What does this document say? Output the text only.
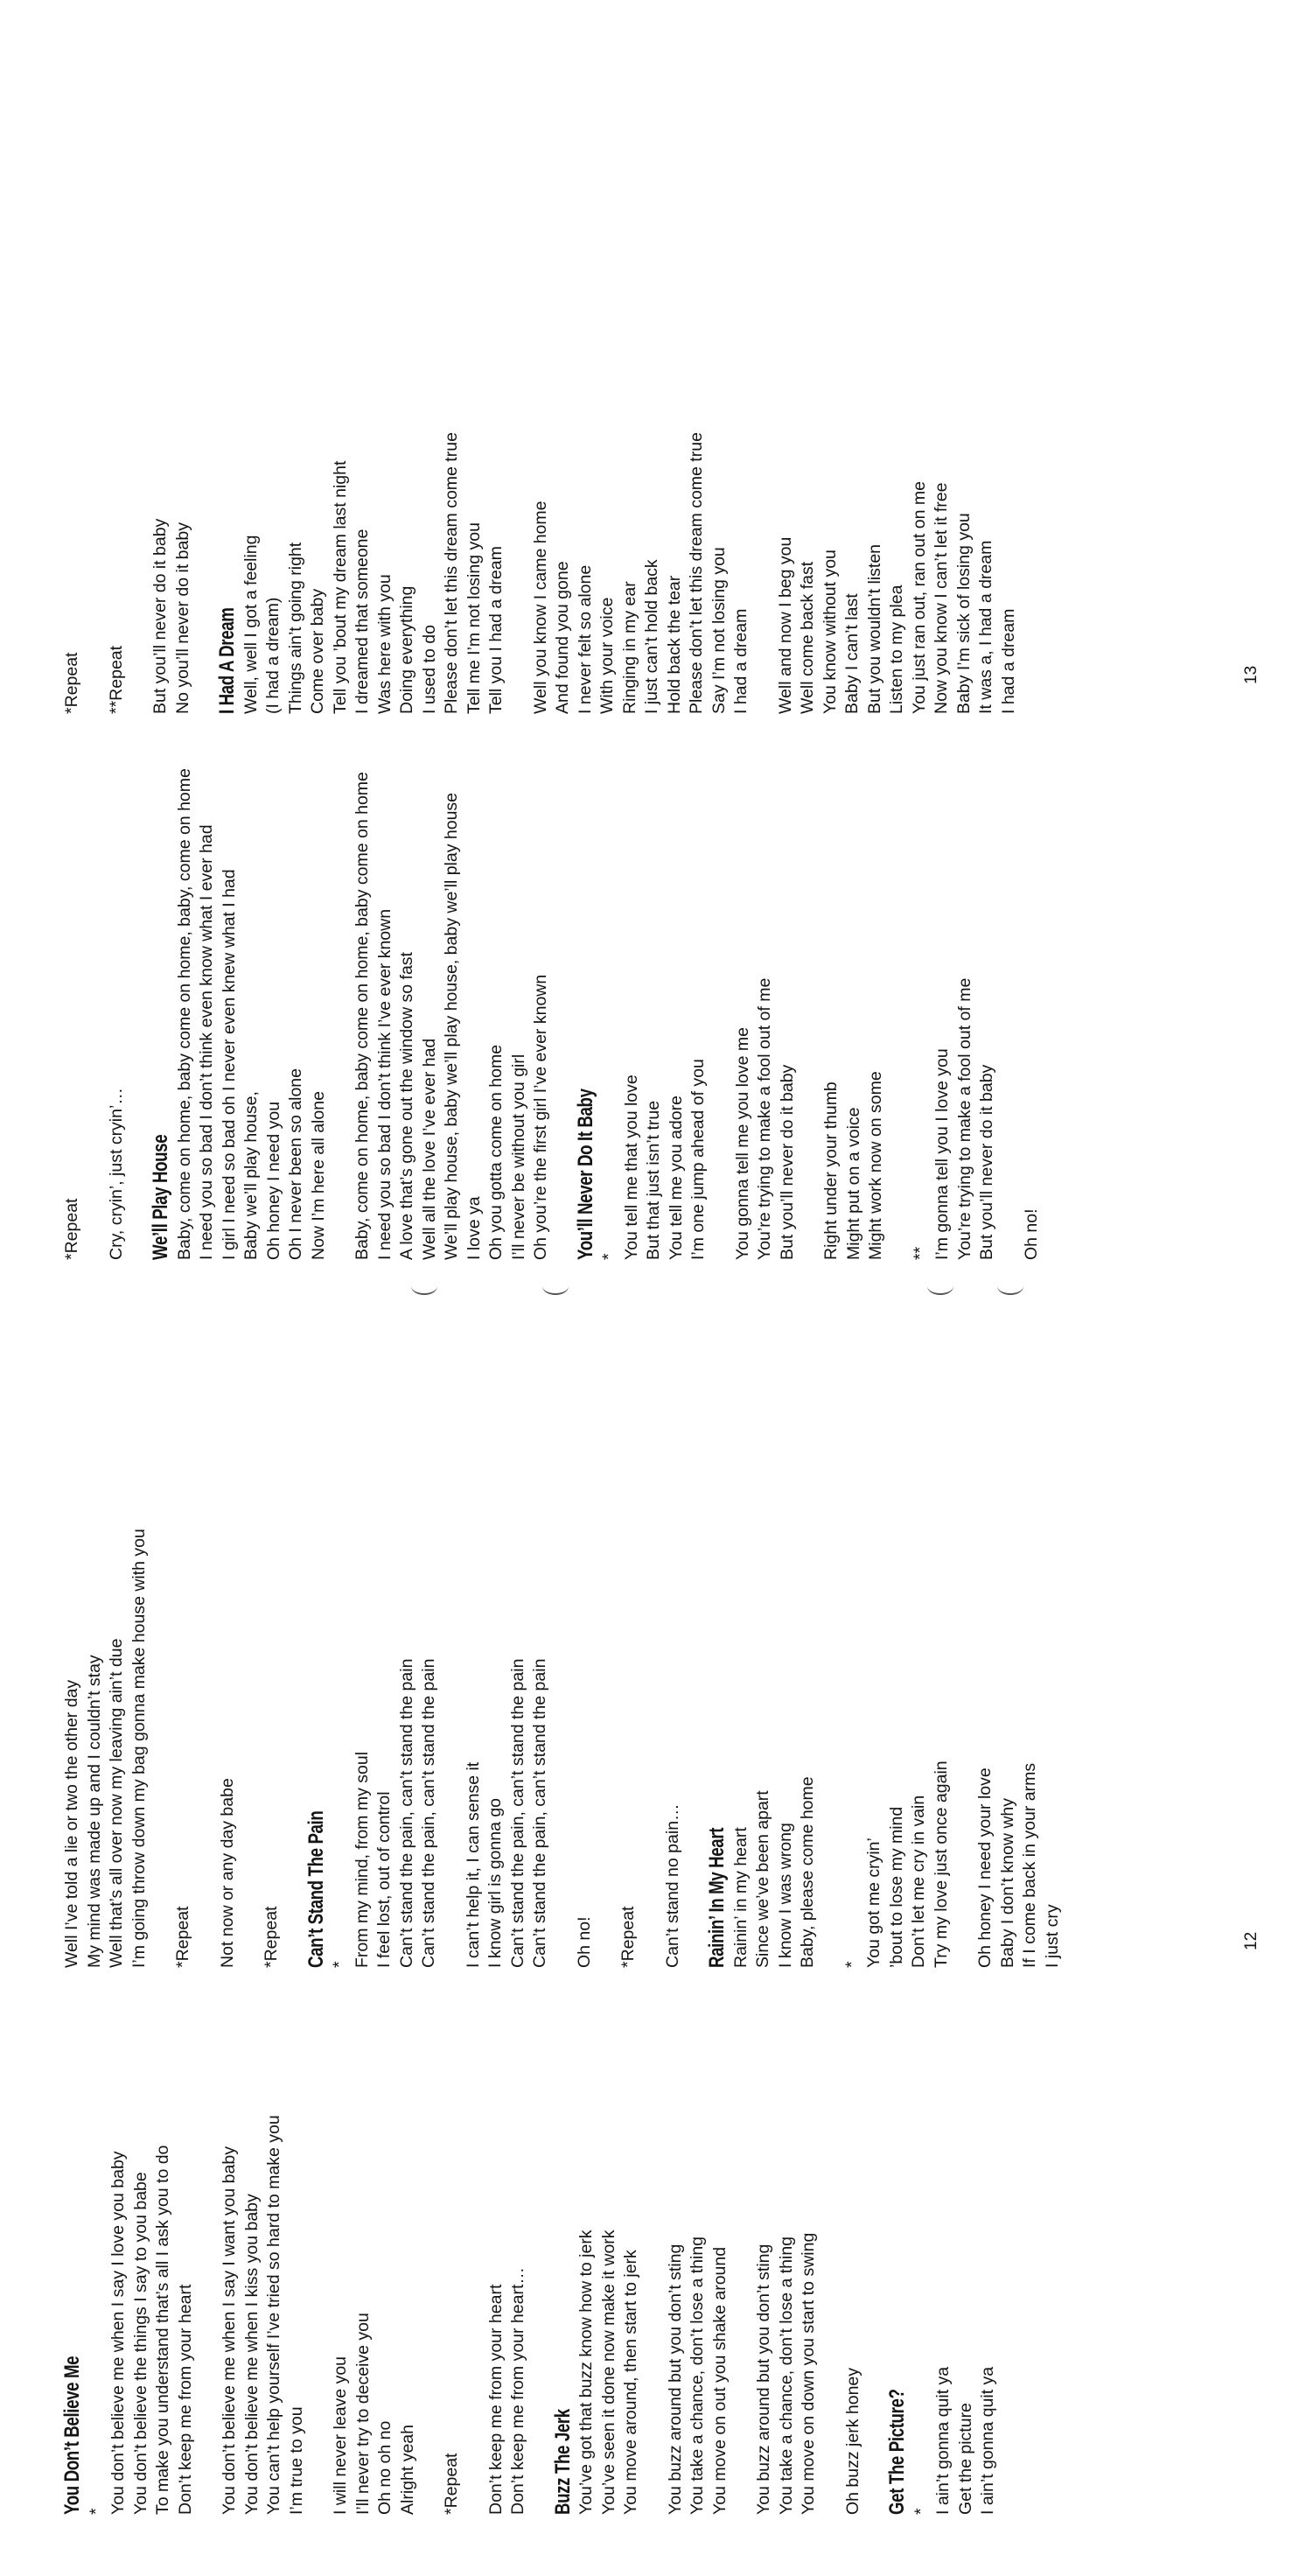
You Don’t Believe Me * You don’t believe me when I say I love you baby You don’t believe the things I say to you babe To make you understand that’s all I ask you to do Don’t keep me from your heart You don’t believe me when I say I want you baby You don’t believe me when I kiss you baby You can’t help yourself I’ve tried so hard to make you I’m true to you I will never leave you I’ll never try to deceive you Oh no oh no Alright yeah *Repeat Don’t keep me from your heart Don’t keep me from your heart… Buzz The Jerk You’ve got that buzz know how to jerk You’ve seen it done now make it work You move around, then start to jerk You buzz around but you don’t sting You take a chance, don’t lose a thing You move on out you shake around You buzz around but you don’t sting You take a chance, don’t lose a thing You move on down you start to swing Oh buzz jerk honey Get The Picture? * I ain’t gonna quit ya Get the picture I ain’t gonna quit ya
Well I’ve told a lie or two the other day My mind was made up and I couldn’t stay Well that’s all over now my leaving ain’t due I’m going throw down my bag gonna make house with you *Repeat Not now or any day babe *Repeat Can’t Stand The Pain * From my mind, from my soul I feel lost, out of control Can’t stand the pain, can’t stand the pain Can’t stand the pain, can’t stand the pain I can’t help it, I can sense it I know girl is gonna go Can’t stand the pain, can’t stand the pain Can’t stand the pain, can’t stand the pain Oh no! *Repeat Can’t stand no pain… Rainin’ In My Heart Rainin’ in my heart Since we’ve been apart I know I was wrong Baby, please come home * You got me cryin’ ’bout to lose my mind Don’t let me cry in vain Try my love just once again Oh honey I need your love Baby I don’t know why If I come back in your arms I just cry	12
*Repeat Cry, cryin’, just cryin’… We’ll Play House Baby, come on home, baby come on home, baby, come on home I need you so bad I don’t think even know what I ever had I girl I need so bad oh I never even knew what I had Baby we’ll play house, Oh honey I need you Oh I never been so alone Now I’m here all alone Baby, come on home, baby come on home, baby come on home I need you so bad I don’t think I’ve ever known A love that’s gone out the window so fast Well all the love I’ve ever had We’ll play house, baby we’ll play house, baby we’ll play house I love ya Oh you gotta come on home I’ll never be without you girl Oh you’re the first girl I’ve ever known You’ll Never Do It Baby * You tell me that you love But that just isn’t true You tell me you adore I’m one jump ahead of you You gonna tell me you love me You’re trying to make a fool out of me But you’ll never do it baby Right under your thumb Might put on a voice Might work now on some ** I’m gonna tell you I love you You’re trying to make a fool out of me But you’ll never do it baby Oh no!
*Repeat **Repeat But you’ll never do it baby No you’ll never do it baby I Had A Dream Well, well I got a feeling (I had a dream) Things ain’t going right Come over baby Tell you ’bout my dream last night I dreamed that someone Was here with you Doing everything I used to do Please don’t let this dream come true Tell me I’m not losing you Tell you I had a dream Well you know I came home And found you gone I never felt so alone With your voice Ringing in my ear I just can’t hold back Hold back the tear Please don’t let this dream come true Say I’m not losing you I had a dream Well and now I beg you Well come back fast You know without you Baby I can’t last But you wouldn’t listen Listen to my plea You just ran out, ran out on me Now you know I can’t let it free Baby I’m sick of losing you It was a, I had a dream I had a dream	13
